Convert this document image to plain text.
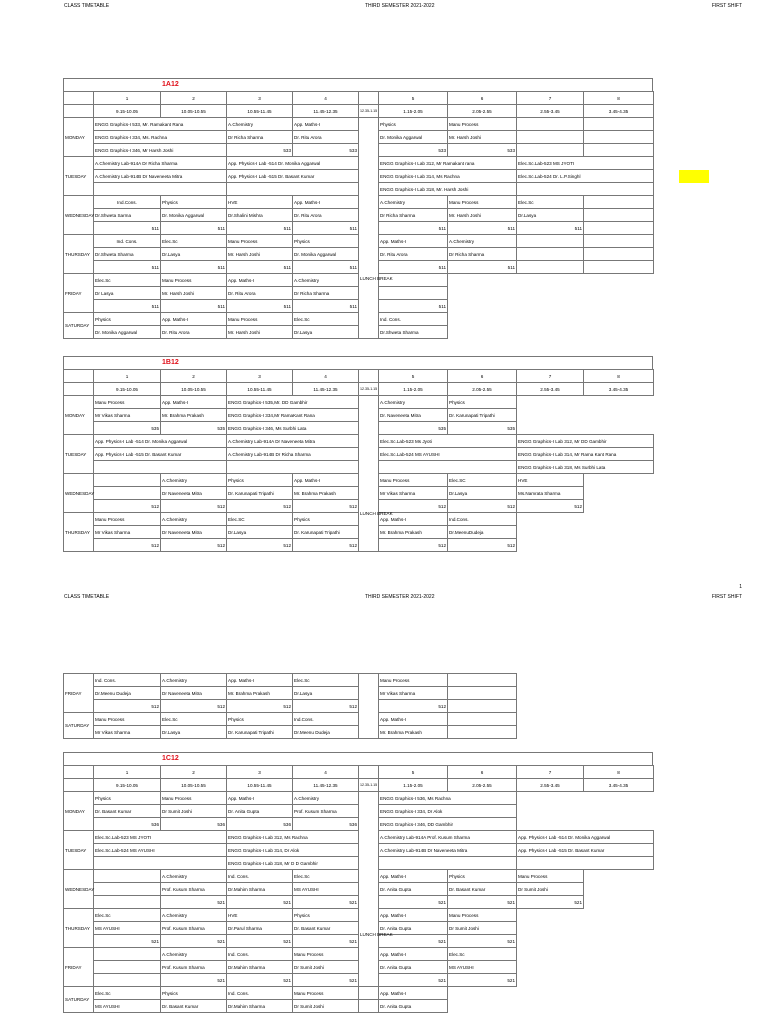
CLASS TIMETABLE	THIRD SEMESTER 2021-2022	FIRST SHIFT
1A12
	1	2	3	4		5	6	7	8
	9.15-10.05	10.05-10.55	10.55-11.45	11.45-12.35	12.35-1.15	1.15-2.05	2.05-2.55	2.55-3.45	3.45-4.35
MONDAY	ENGG Graphics-I 533, Mr. Ramakant Rana		A.Chemistry	App. Maths-I	LUNCH BREAK	Physics	Manu Process		
	ENGG Graphics-I 334, Ms. Rachna		Dr Richa Sharma	Dr. Ritu Arora		Dr. Monika Aggarwal	Mr. Harsh Joshi		
	ENGG Graphics-I 346, Mr Harsh Joshi		533	533		533	533		
TUESDAY	A.Chemistry Lab-914A Dr Richa Sharma		App. Physics-I Lab -514 Dr. Monika Aggarwal			ENGG Graphics-I Lab 312, Mr Ramakant rana		Elec.Sc.Lab-523 MS JYOTI	
	A.Chemistry Lab-914B Dr Naveneeta Mitra		App. Physics-I Lab -515 Dr. Basant Kumar			ENGG Graphics-I Lab 314, Ms Rachna		Elec.Sc.Lab-524 Dr. L.P.Singhl	
						ENGG Graphics-I Lab 318, Mr. Harsh Joshi			
WEDNESDAY	Ind.Cons.	Physics	HVE	App. Maths-I		A.Chemistry	Manu Process	Elec.Sc	
	Dr.Shweta Sarma	Dr. Monika Aggarwal	Dr.Shalini Mishra	Dr. Ritu Arora		Dr Richa Sharma	Mr. Harsh Joshi	Dr.Lasya	
	511	511	511	511		511	511	511	
THURSDAY	Ind. Cons.	Elec.Sc	Manu Process	Physics		App. Maths-I	A.Chemistry		
	Dr.Shweta Sharma	Dr.Lasya	Mr. Harsh Joshi	Dr. Monika Aggarwal		Dr. Ritu Arora	Dr Richa Sharma		
	511	511	511	511		511	511		
FRIDAY	Elec.Sc	Manu Process	App. Maths-I	A.Chemistry					
	Dr Lasya	Mr. Harsh Joshi	Dr. Ritu Arora	Dr Richa Sharma					
	511	511	511	511		511			
SATURDAY	Physics	App. Maths-I	Manu Process	Elec.Sc		Ind. Cons.			
	Dr. Monika Aggarwal	Dr. Ritu Arora	Mr. Harsh Joshi	Dr.Lasya		Dr.Shweta Sharma			
1B12
	1	2	3	4		5	6	7	8
	9.15-10.05	10.05-10.55	10.55-11.45	11.45-12.35	12.35-1.15	1.15-2.05	2.05-2.55	2.55-3.45	3.45-4.35
MONDAY	Manu Process	App. Maths-I	ENGG Graphics-I 535,Mr. DD Gambhir		LUNCH BREAK	A.Chemistry	Physics		
	Mr Vikas Sharma	Mr. Brahma Prakash	ENGG Graphics-I 334,Mr RamaKant Rana			Dr. Naveneeta Mitra	Dr. Karunapati Tripathi		
	535	535	ENGG Graphics-I 346, Ms Surbhi Lata			535	535		
TUESDAY	App. Physics-I Lab -514 Dr. Monika Aggarwal		A.Chemistry Lab-914A Dr Naveneeta Mitra			Elec.Sc.Lab-523 Ms Jyoti		ENGG Graphics-I Lab 312, Mr DD Gambhir	
	App. Physics-I Lab -515 Dr. Basant Kumar		A.Chemistry Lab-914B Dr Richa Sharma			Elec.Sc.Lab-524 MS AYUSHI		ENGG Graphics-I Lab 314, Mr Rama Kant Rana	
								ENGG Graphics-I Lab 318, Ms Surbhi Lata	
WEDNESDAY		A.Chemistry	Physics	App. Maths-I		Manu Process	Elec.SC	HVE	
		Dr Naveneeta Mitra	Dr. Karunapati Tripathi	Mr. Brahma Prakash		Mr Vikas Sharma	Dr.Lasya	Ms.Namrata Sharma	
	512	512	512	512		512	512	512	
THURSDAY	Manu Process	A.Chemistry	Elec.SC	Physics		App. Maths-I	Ind.Cons.		
	Mr Vikas Sharma	Dr Naveneeta Mitra	Dr.Lasya	Dr. Karunapati Tripathi		Mr. Brahma Prakash	Dr.MeenuDudeja		
	512	512	512	512		512	512		
1
CLASS TIMETABLE	THIRD SEMESTER 2021-2022	FIRST SHIFT
FRIDAY	Ind. Cons.	A.Chemistry	App. Maths-I	Elec.Sc		Manu Process			
	Dr.Meenu Dudeja	Dr Naveneeta Mitra	Mr. Brahma Prakash	Dr.Lasya		Mr Vikas Sharma			
	512	512	512	512		512			
SATURDAY	Manu Process	Elec.Sc	Physics	Ind.Cons.		App. Maths-I			
	Mr Vikas Sharma	Dr.Lasya	Dr. Karunapati Tripathi	Dr.Meenu Dudeja		Mr. Brahma Prakash			
1C12
	1	2	3	4		5	6	7	8
	9.15-10.05	10.05-10.55	10.55-11.45	11.45-12.35	12.35-1.15	1.15-2.05	2.05-2.55	2.55-3.45	3.45-4.35
MONDAY	Physics	Manu Process	App. Maths-I	A.Chemistry	LUNCH BREAK	ENGG Graphics-I 536, Ms Rachna			
	Dr. Basant Kumar	Dr Sumit Joshi	Dr. Anita Gupta	Prof. Kusum Sharma		ENGG Graphics-I 334, Dr Alok			
	536	536	536	536		ENGG Graphics-I 346, DD Gambhir			
TUESDAY	Elec.Sc.Lab-523 MS JYOTI		ENGG Graphics-I Lab 312, Ms Rachna			A.Chemistry Lab-914A Prof. Kusum Sharma		App. Physics-I Lab -514 Dr. Monika Aggarwal	
	Elec.Sc.Lab-524 MS AYUSHI		ENGG Graphics-I Lab 314, Dr Alok			A.Chemistry Lab-914B Dr Naveneeta Mitra		App. Physics-I Lab -515 Dr. Basant Kumar	
			ENGG Graphics-I Lab 318, Mr D D Gambhir						
WEDNESDAY		A.Chemistry	Ind. Cons.	Elec.Sc		App. Maths-I	Physics	Manu Process	
		Prof. Kusum Sharma	Dr.Mahim Sharma	MS AYUSHI		Dr. Anita Gupta	Dr. Basant Kumar	Dr Sumit Joshi	
		521	521	521		521	521	521	
THURSDAY	Elec.Sc	A.Chemistry	HVE	Physics		App. Maths-I	Manu Process		
	MS AYUSHI	Prof. Kusum Sharma	Dr.Parul Sharma	Dr. Basant Kumar		Dr. Anita Gupta	Dr Sumit Joshi		
	521	521	521	521		521	521		
FRIDAY		A.Chemistry	Ind. Cons.	Manu Process		App. Maths-I	Elec.Sc		
		Prof. Kusum Sharma	Dr.Mahim Sharma	Dr Sumit Joshi		Dr. Anita Gupta	MS AYUSHI		
		521	521	521		521	521		
SATURDAY	Elec.Sc	Physics	Ind. Cons.	Manu Process		App. Maths-I			
	MS AYUSHI	Dr. Basant Kumar	Dr.Mahim Sharma	Dr Sumit Joshi		Dr. Anita Gupta			
